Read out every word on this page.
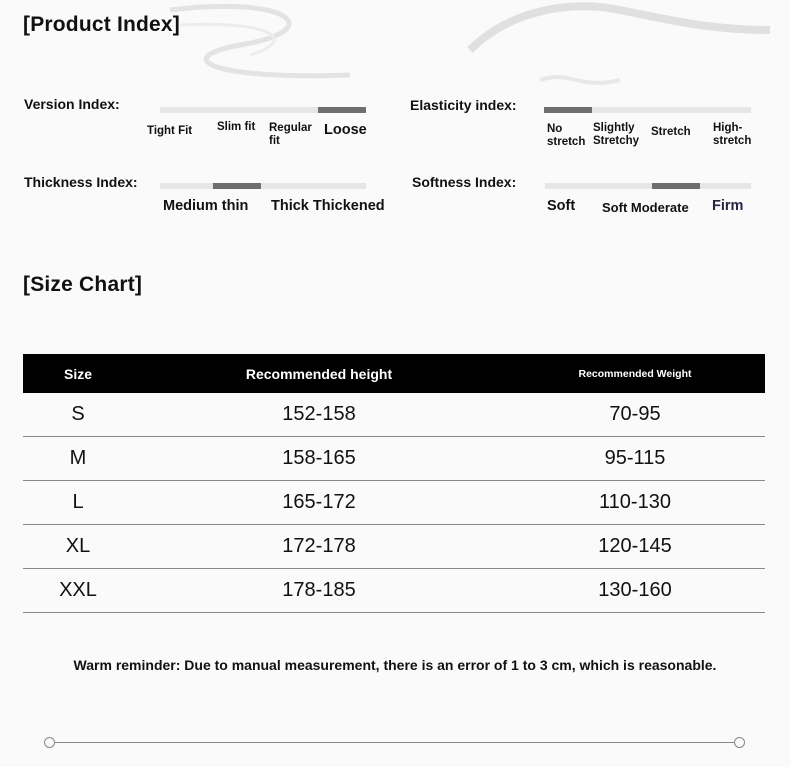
[Product Index]
Version Index:
Tight Fit Slim fit Regular fit
Loose
Elasticity index:
No stretch
Slightly Stretchy
Stretch High-stretch
Thickness Index:
Medium thin Thick Thickened
Softness Index:
Soft Soft Moderate Firm
[Size Chart]
Size	Recommended height	Recommended Weight
S	152-158	70-95
M	158-165	95-115
L	165-172	110-130
XL	172-178	120-145
XXL	178-185	130-160
Warm reminder: Due to manual measurement, there is an error of 1 to 3 cm, which is reasonable.
